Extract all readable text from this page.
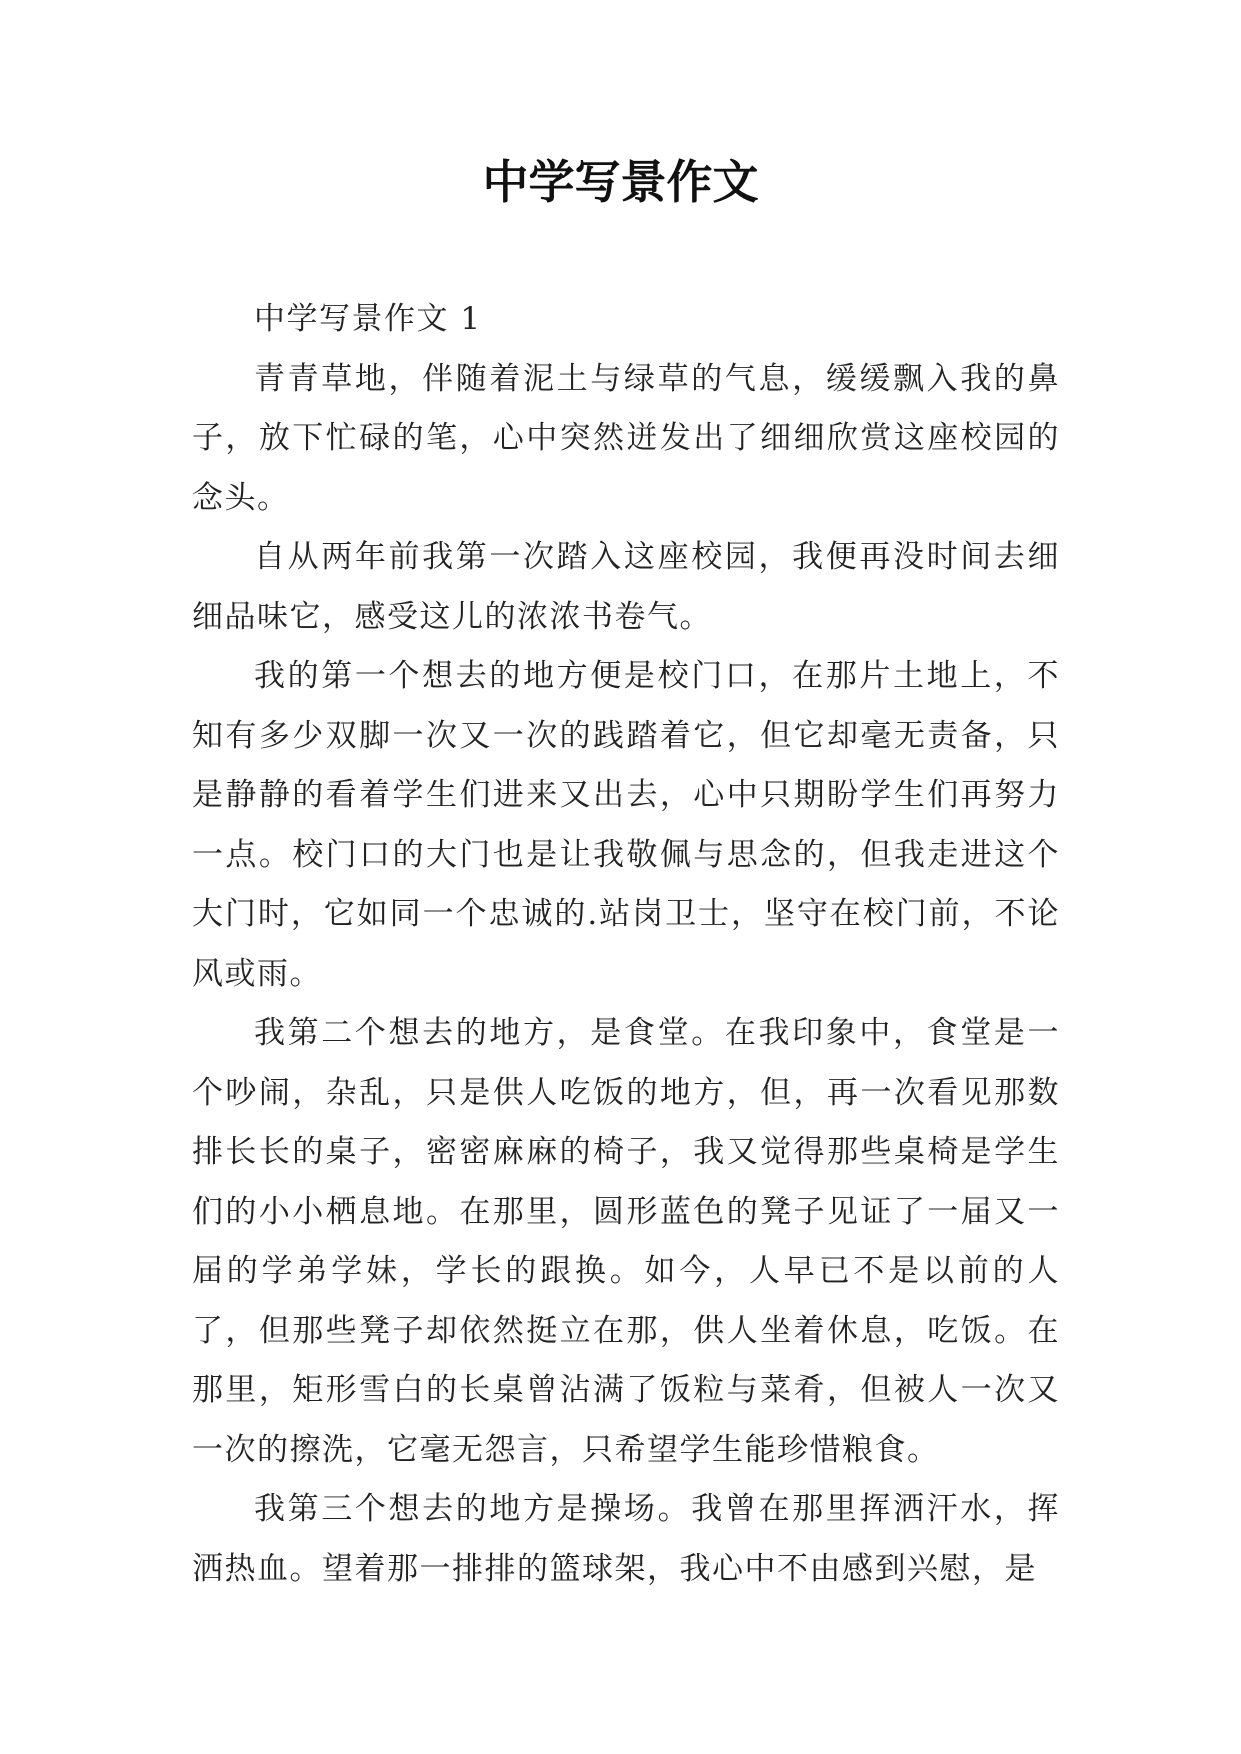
中学写景作文

中学写景作文 1

青青草地，伴随着泥土与绿草的气息，缓缓飘入我的鼻子，放下忙碌的笔，心中突然迸发出了细细欣赏这座校园的念头。

自从两年前我第一次踏入这座校园，我便再没时间去细细品味它，感受这儿的浓浓书卷气。

我的第一个想去的地方便是校门口，在那片土地上，不知有多少双脚一次又一次的践踏着它，但它却毫无责备，只是静静的看着学生们进来又出去，心中只期盼学生们再努力一点。校门口的大门也是让我敬佩与思念的，但我走进这个大门时，它如同一个忠诚的.站岗卫士，坚守在校门前，不论风或雨。

我第二个想去的地方，是食堂。在我印象中，食堂是一个吵闹，杂乱，只是供人吃饭的地方，但，再一次看见那数排长长的桌子，密密麻麻的椅子，我又觉得那些桌椅是学生们的小小栖息地。在那里，圆形蓝色的凳子见证了一届又一届的学弟学妹，学长的跟换。如今，人早已不是以前的人了，但那些凳子却依然挺立在那，供人坐着休息，吃饭。在那里，矩形雪白的长桌曾沾满了饭粒与菜肴，但被人一次又一次的擦洗，它毫无怨言，只希望学生能珍惜粮食。

我第三个想去的地方是操场。我曾在那里挥洒汗水，挥洒热血。望着那一排排的篮球架，我心中不由感到兴慰，是
